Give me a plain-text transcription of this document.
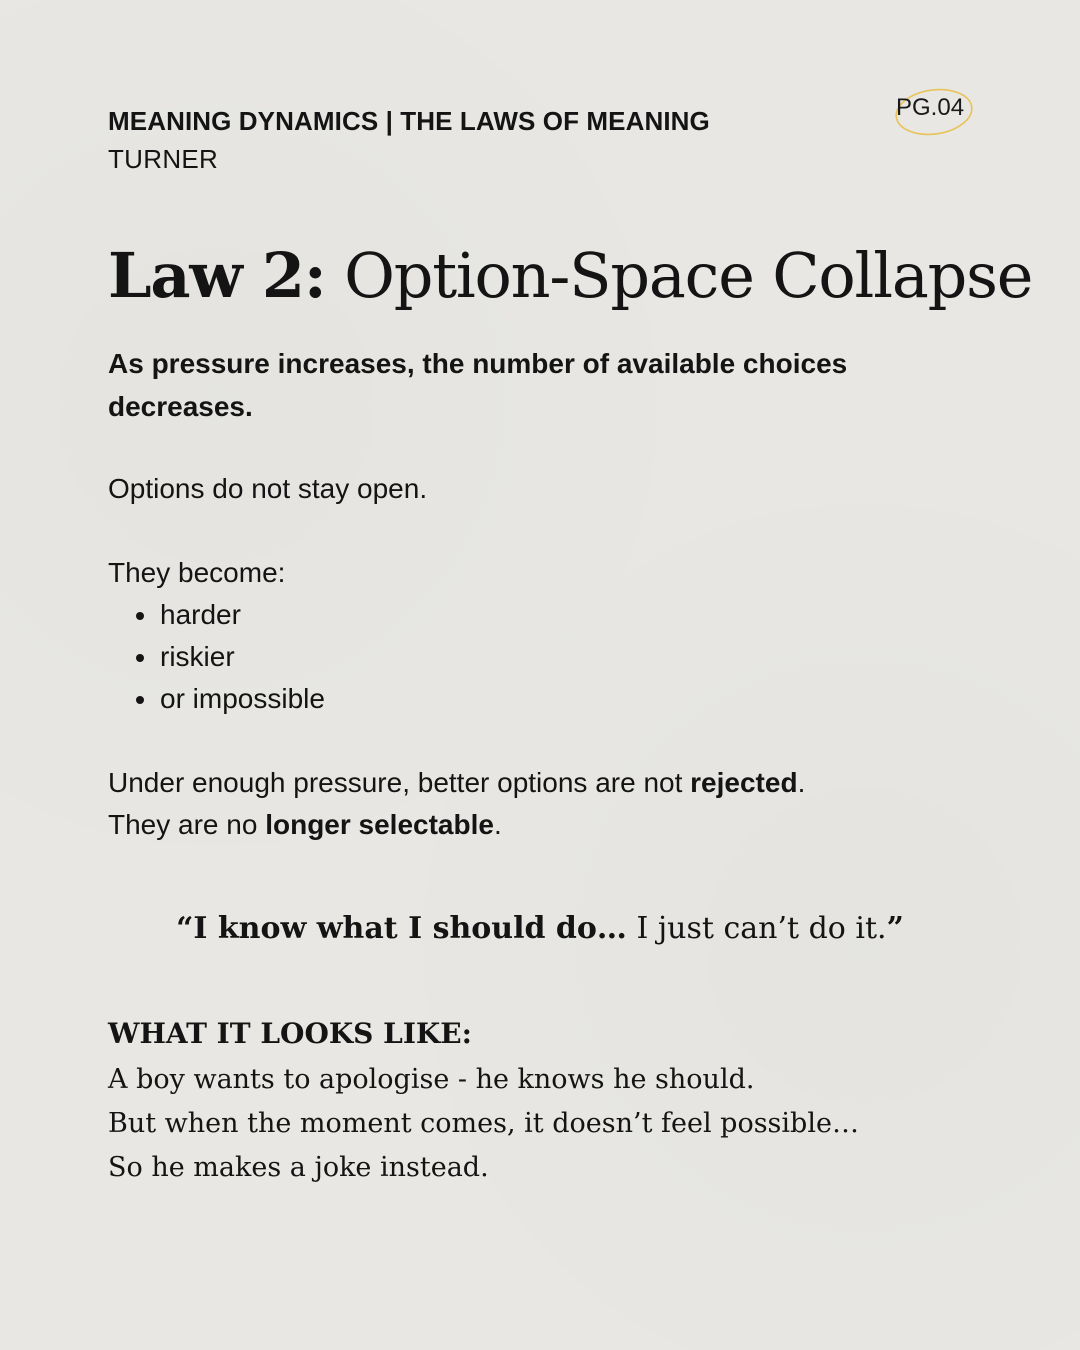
MEANING DYNAMICS | THE LAWS OF MEANING
TURNER
PG.04
Law 2: Option-Space Collapse
As pressure increases, the number of available choices decreases.
Options do not stay open.
They become:
harder
riskier
or impossible
Under enough pressure, better options are not rejected.
They are no longer selectable.
“I know what I should do… I just can’t do it.”
WHAT IT LOOKS LIKE:
A boy wants to apologise - he knows he should.
But when the moment comes, it doesn’t feel possible…
So he makes a joke instead.
